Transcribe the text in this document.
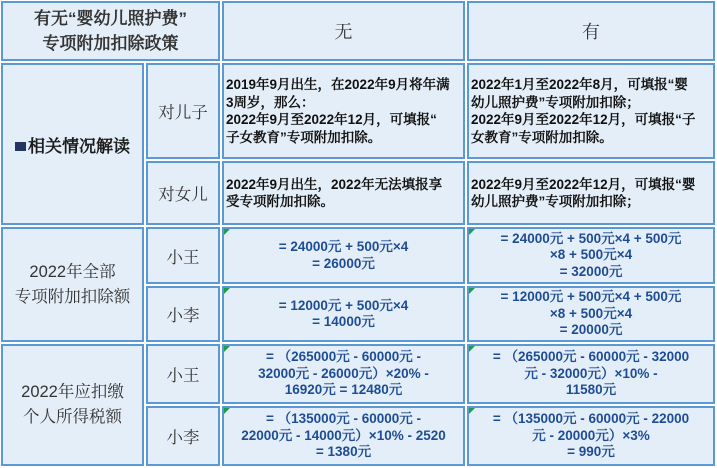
有无“婴幼儿照护费”
专项附加扣除政策
无	有
相关情况解读
对儿子
2019年9月出生，在2022年9月将年满
3周岁，那么：
2022年9月至2022年12月，可填报“
子女教育”专项附加扣除。
2022年1月至2022年8月，可填报“婴
幼儿照护费”专项附加扣除；
2022年9月至2022年12月，可填报“子
女教育”专项附加扣除。
对女儿
2022年9月出生，2022年无法填报享
受专项附加扣除。
2022年9月至2022年12月，可填报“婴
幼儿照护费”专项附加扣除；
2022年全部
专项附加扣除额
小王
= 24000元 + 500元×4
= 26000元
= 24000元 + 500元×4 + 500元
×8 + 500元×4
= 32000元
小李
= 12000元 + 500元×4
= 14000元
= 12000元 + 500元×4 + 500元
×8 + 500元×4
= 20000元
2022年应扣缴
个人所得税额
小王
= （265000元 - 60000元 -
32000元 - 26000元）×20% -
16920元 = 12480元
= （265000元 - 60000元 - 32000
元 - 32000元）×10% -
11580元
小李
= （135000元 - 60000元 -
22000元 - 14000元）×10% - 2520
= 1380元
= （135000元 - 60000元 - 22000
元 - 20000元）×3%
= 990元
